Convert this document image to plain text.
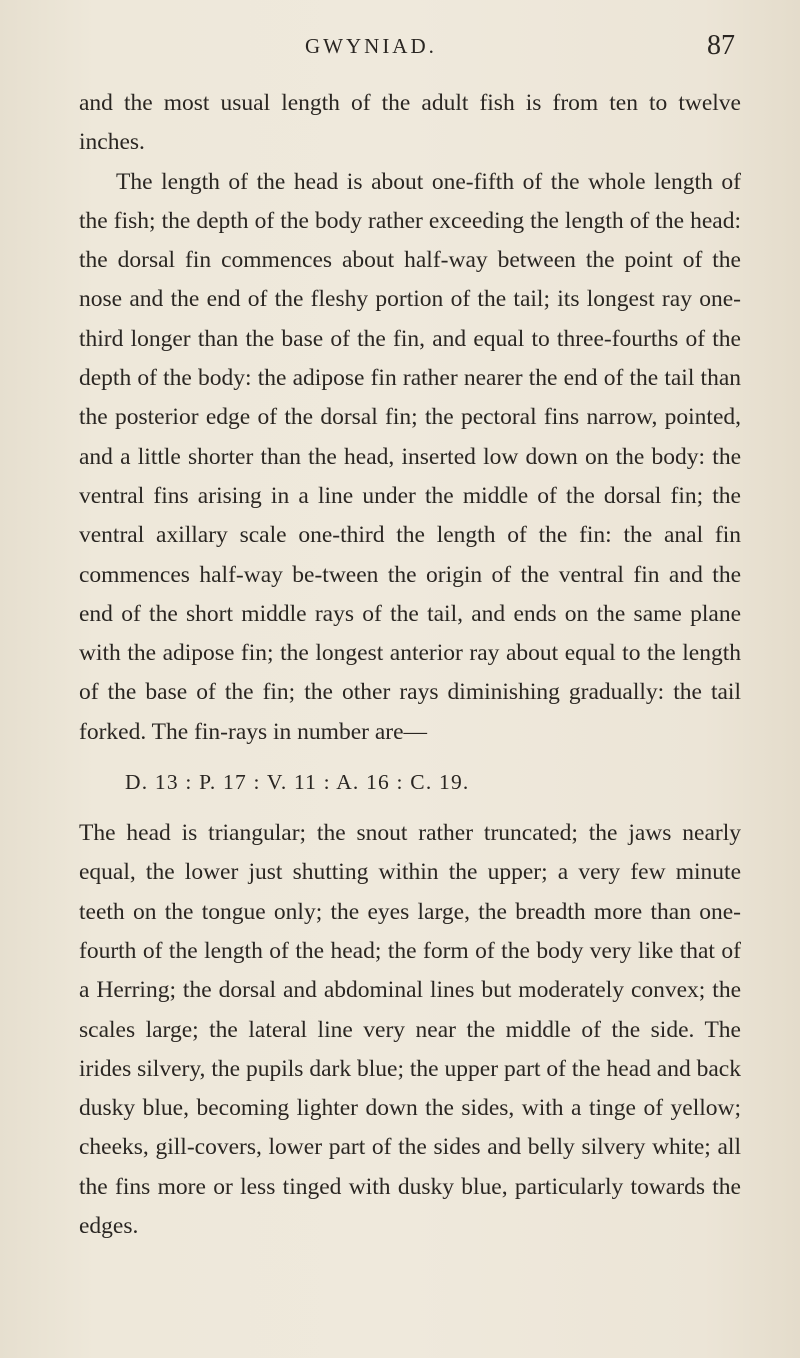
GWYNIAD.	87

and the most usual length of the adult fish is from ten to twelve inches.

The length of the head is about one-fifth of the whole length of the fish; the depth of the body rather exceeding the length of the head: the dorsal fin commences about half-way between the point of the nose and the end of the fleshy portion of the tail; its longest ray one-third longer than the base of the fin, and equal to three-fourths of the depth of the body: the adipose fin rather nearer the end of the tail than the posterior edge of the dorsal fin; the pectoral fins narrow, pointed, and a little shorter than the head, inserted low down on the body: the ventral fins arising in a line under the middle of the dorsal fin; the ventral axillary scale one-third the length of the fin: the anal fin commences half-way be-tween the origin of the ventral fin and the end of the short middle rays of the tail, and ends on the same plane with the adipose fin; the longest anterior ray about equal to the length of the base of the fin; the other rays diminishing gradually: the tail forked. The fin-rays in number are—

D. 13 : P. 17 : V. 11 : A. 16 : C. 19.

The head is triangular; the snout rather truncated; the jaws nearly equal, the lower just shutting within the upper; a very few minute teeth on the tongue only; the eyes large, the breadth more than one-fourth of the length of the head; the form of the body very like that of a Herring; the dorsal and abdominal lines but moderately convex; the scales large; the lateral line very near the middle of the side. The irides silvery, the pupils dark blue; the upper part of the head and back dusky blue, becoming lighter down the sides, with a tinge of yellow; cheeks, gill-covers, lower part of the sides and belly silvery white; all the fins more or less tinged with dusky blue, particularly towards the edges.
